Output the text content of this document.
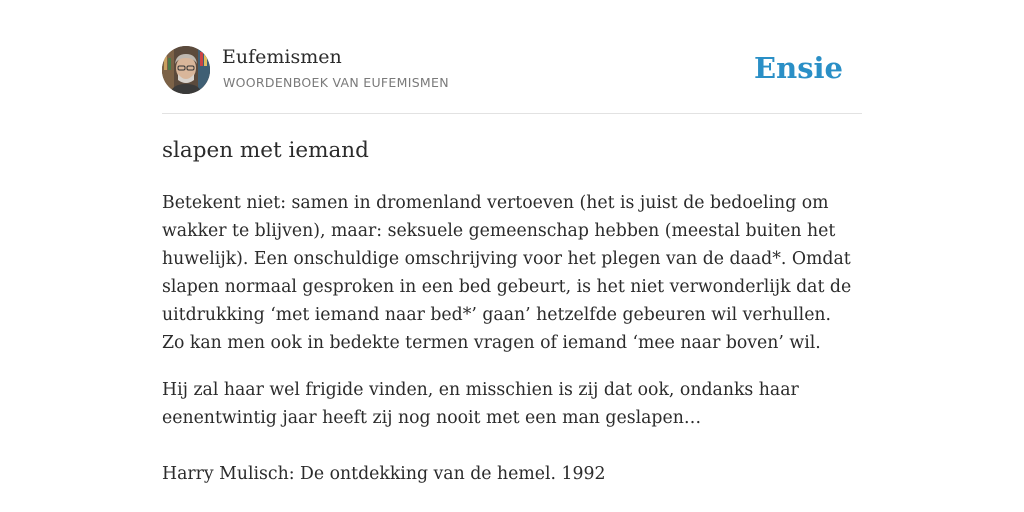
Eufemismen
WOORDENBOEK VAN EUFEMISMEN	Ensie
slapen met iemand

Betekent niet: samen in dromenland vertoeven (het is juist de bedoeling om wakker te blijven), maar: seksuele gemeenschap hebben (meestal buiten het huwelijk). Een onschuldige omschrijving voor het plegen van de daad*. Omdat slapen normaal gesproken in een bed gebeurt, is het niet verwonderlijk dat de uitdrukking ‘met iemand naar bed*’ gaan’ hetzelfde gebeuren wil verhullen. Zo kan men ook in bedekte termen vragen of iemand ‘mee naar boven’ wil.

Hij zal haar wel frigide vinden, en misschien is zij dat ook, ondanks haar eenentwintig jaar heeft zij nog nooit met een man geslapen…

Harry Mulisch: De ontdekking van de hemel. 1992
